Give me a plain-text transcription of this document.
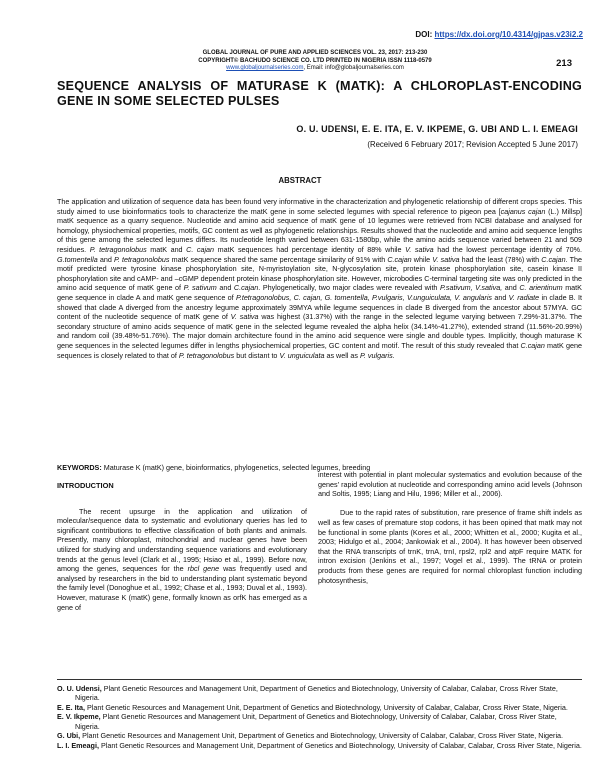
DOI: https://dx.doi.org/10.4314/gjpas.v23i2.2
GLOBAL JOURNAL OF PURE AND APPLIED SCIENCES VOL. 23, 2017: 213-230
COPYRIGHT© BACHUDO SCIENCE CO. LTD PRINTED IN NIGERIA ISSN 1118-0579
www.globaljournalseries.com, Email: info@globaljournalseries.com	213
SEQUENCE ANALYSIS OF MATURASE K (MATK): A CHLOROPLAST-ENCODING GENE IN SOME SELECTED PULSES
O. U. UDENSI, E. E. ITA, E. V. IKPEME, G. UBI AND L. I. EMEAGI
(Received 6 February 2017; Revision Accepted 5 June 2017)
ABSTRACT
The application and utilization of sequence data has been found very informative in the characterization and phylogenetic relationship of different crops species. This study aimed to use bioinformatics tools to characterize the matK gene in some selected legumes with special reference to pigeon pea [cajanus cajan (L.) Millsp] matK sequence as a quarry sequence. Nucleotide and amino acid sequence of matK gene of 10 legumes were retrieved from NCBI database and analysed for homology, physiochemical properties, motifs, GC content as well as phylogenetic relationships. Results showed that the nucleotide and amino acid sequence lengths of this gene among the selected legumes differs. Its nucleotide length varied between 631-1580bp, while the amino acids sequence varied between 21 and 509 residues. P. tetragonolobus matK and C. cajan matK sequences had percentage identity of 88% while V. sativa had the lowest percentage identity of 70%. G.tomentella and P. tetragonolobus matK sequence shared the same percentage similarity of 91% with C.cajan while V. sativa had the least (78%) with C.cajan. The motif predicted were tyrosine kinase phosphorylation site, N-myristoylation site, N-glycosylation site, protein kinase phosphorylation site, casein kinase II phosphorylation site and cAMP- and –cGMP dependent protein kinase phosphorylation site. However, microbodies C-terminal targeting site was only predicted in the amino acid sequence of matK gene of P. sativum and C.cajan. Phylogenetically, two major clades were revealed with P.sativum, V.sativa, and C. arientinum matK gene sequence in clade A and matK gene sequence of P.tetragonolobus, C. cajan, G. tomentella, P.vulgaris, V.unguiculata, V. angularis and V. radiate in clade B. It showed that clade A diverged from the ancestry legume approximately 39MYA while legume sequences in clade B diverged from the ancestor about 57MYA. GC content of the nucleotide sequence of matK gene of V. sativa was highest (31.37%) with the range in the selected legume varying between 7.29%-31.37%. The secondary structure of amino acids sequence of matK gene in the selected legume revealed the alpha helix (34.14%-41.27%), extended strand (11.56%-20.99%) and random coil (39.48%-51.76%). The major domain architecture found in the amino acid sequence were single and double types. Implicitly, though maturase K gene sequences in the selected legumes differ in lengths physiochemical properties, GC content and motif. The result of this study revealed that C.cajan matK gene sequences is closely related to that of P. tetragonolobus but distant to V. unguiculata as well as P. vulgaris.
KEYWORDS: Maturase K (matK) gene, bioinformatics, phylogenetics, selected legumes, breeding
INTRODUCTION
The recent upsurge in the application and utilization of molecular/sequence data to systematic and evolutionary queries has led to significant contributions to effective classification of both plants and animals. Presently, many chloroplast, mitochondrial and nuclear genes have been utilized for studying and understanding sequence variations and evolutionary trends at the genus level (Clark et al., 1995; Hsiao et al., 1999). Before now, among the genes, sequences for the rbcl gene was frequently used and analysed by researchers in the bid to understanding plant systematic beyond the family level (Donoghue et al., 1992; Chase et al., 1993; Duval et al., 1993). However, maturase K (matK) gene, formally known as orfK has emerged as a gene of
interest with potential in plant molecular systematics and evolution because of the genes' rapid evolution at nucleotide and corresponding amino acid levels (Johnson and Soltis, 1995; Liang and Hilu, 1996; Miller et al., 2006).
Due to the rapid rates of substitution, rare presence of frame shift indels as well as few cases of premature stop codons, it has been opined that matk may not be functional in some plants (Kores et al., 2000; Whitten et al., 2000; Kugita et al., 2003; Hidulgo et al., 2004; Jankowiak et al., 2004). It has however been observed that the RNA transcripts of trnK, trnA, trnI, rpsl2, rpl2 and atpF require MATK for intron excision (Jenkins et al., 1997; Vogel et al., 1999). The tRNA or protein products from these genes are required for normal chloroplast function including photosynthesis,
O. U. Udensi, Plant Genetic Resources and Management Unit, Department of Genetics and Biotechnology, University of Calabar, Calabar, Cross River State, Nigeria.
E. E. Ita, Plant Genetic Resources and Management Unit, Department of Genetics and Biotechnology, University of Calabar, Calabar, Cross River State, Nigeria.
E. V. Ikpeme, Plant Genetic Resources and Management Unit, Department of Genetics and Biotechnology, University of Calabar, Calabar, Cross River State, Nigeria.
G. Ubi, Plant Genetic Resources and Management Unit, Department of Genetics and Biotechnology, University of Calabar, Calabar, Cross River State, Nigeria.
L. I. Emeagi, Plant Genetic Resources and Management Unit, Department of Genetics and Biotechnology, University of Calabar, Calabar, Cross River State, Nigeria.
